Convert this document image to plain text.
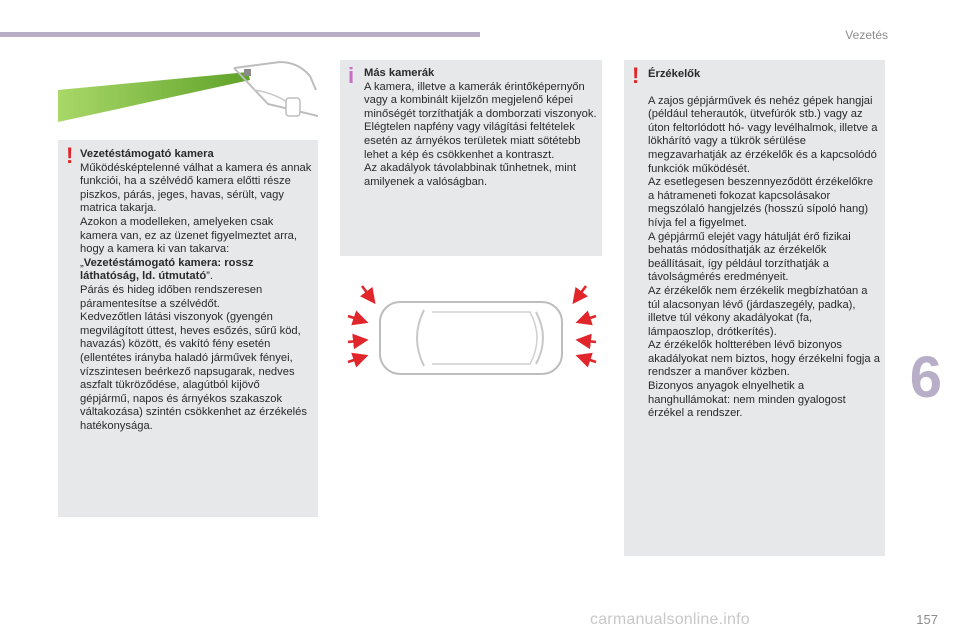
Vezetés
6
157
! Vezetéstámogató kamera

Működésképtelenné válhat a kamera és annak funkciói, ha a szélvédő kamera előtti része piszkos, párás, jeges, havas, sérült, vagy matrica takarja.

Azokon a modelleken, amelyeken csak kamera van, ez az üzenet figyelmeztet arra, hogy a kamera ki van takarva: „Vezetéstámogató kamera: rossz láthatóság, ld. útmutató”.

Párás és hideg időben rendszeresen páramentesítse a szélvédőt.

Kedvezőtlen látási viszonyok (gyengén megvilágított úttest, heves esőzés, sűrű köd, havazás) között, és vakító fény esetén (ellentétes irányba haladó járművek fényei, vízszintesen beérkező napsugarak, nedves aszfalt tükröződése, alagútból kijövő gépjármű, napos és árnyékos szakaszok váltakozása) szintén csökkenhet az érzékelés hatékonysága.

i Más kamerák

A kamera, illetve a kamerák érintőképernyőn vagy a kombinált kijelzőn megjelenő képei minőségét torzíthatják a domborzati viszonyok.

Elégtelen napfény vagy világítási feltételek esetén az árnyékos területek miatt sötétebb lehet a kép és csökkenhet a kontraszt.

Az akadályok távolabbinak tűnhetnek, mint amilyenek a valóságban.

! Érzékelők

A zajos gépjárművek és nehéz gépek hangjai (például teherautók, ütvefúrók stb.) vagy az úton feltorlódott hó- vagy levélhalmok, illetve a lökhárító vagy a tükrök sérülése megzavarhatják az érzékelők és a kapcsolódó funkciók működését.

Az esetlegesen beszennyeződött érzékelőkre a hátrameneti fokozat kapcsolásakor megszólaló hangjelzés (hosszú sípoló hang) hívja fel a figyelmet.

A gépjármű elejét vagy hátulját érő fizikai behatás módosíthatják az érzékelők beállításait, így például torzíthatják a távolságmérés eredményeit.

Az érzékelők nem érzékelik megbízhatóan a túl alacsonyan lévő (járdaszegély, padka), illetve túl vékony akadályokat (fa, lámpaoszlop, drótkerítés).

Az érzékelők holtterében lévő bizonyos akadályokat nem biztos, hogy érzékelni fogja a rendszer a manőver közben.

Bizonyos anyagok elnyelhetik a hanghullámokat: nem minden gyalogost érzékel a rendszer.

carmanualsonline.info
